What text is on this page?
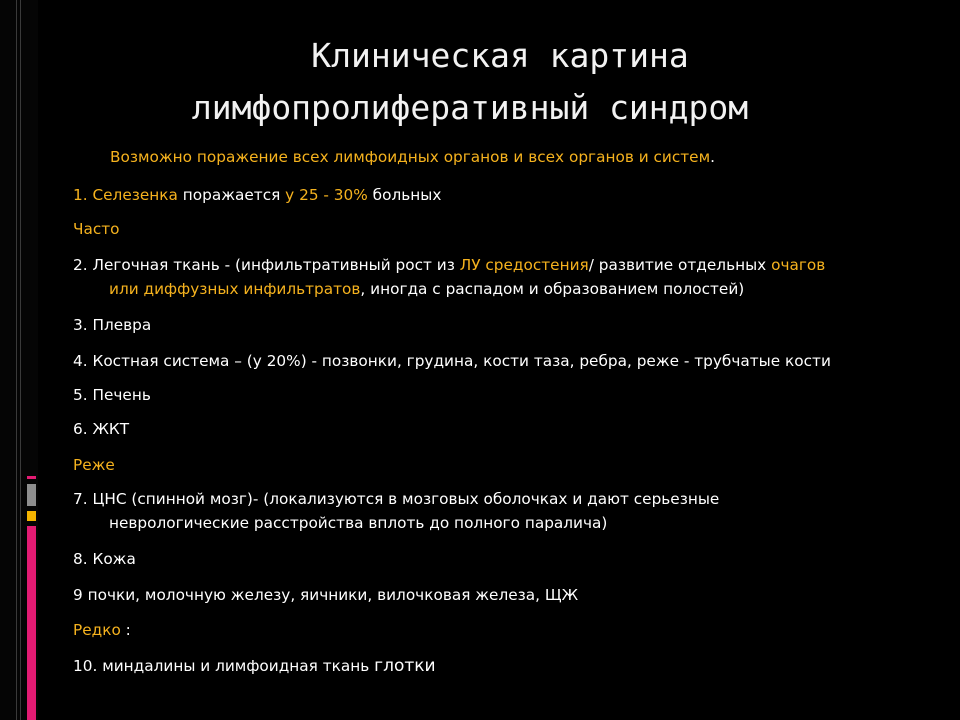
Клиническая картина
лимфопролиферативный синдром
Возможно поражение всех лимфоидных органов и всех органов и систем.
1. Селезенка поражается у 25 - 30% больных
Часто
2. Легочная ткань - (инфильтративный рост из ЛУ средостения/ развитие отдельных очагов
или диффузных инфильтратов, иногда с распадом и образованием полостей)
3. Плевра
4. Костная система – (у 20%) - позвонки, грудина, кости таза, ребра, реже - трубчатые кости
5. Печень
6. ЖКТ
Реже
7. ЦНС (спинной мозг)- (локализуются в мозговых оболочках и дают серьезные
неврологические расстройства вплоть до полного паралича)
8. Кожа
9 почки, молочную железу, яичники, вилочковая железа, ЩЖ
Редко :
10. миндалины и лимфоидная ткань глотки
